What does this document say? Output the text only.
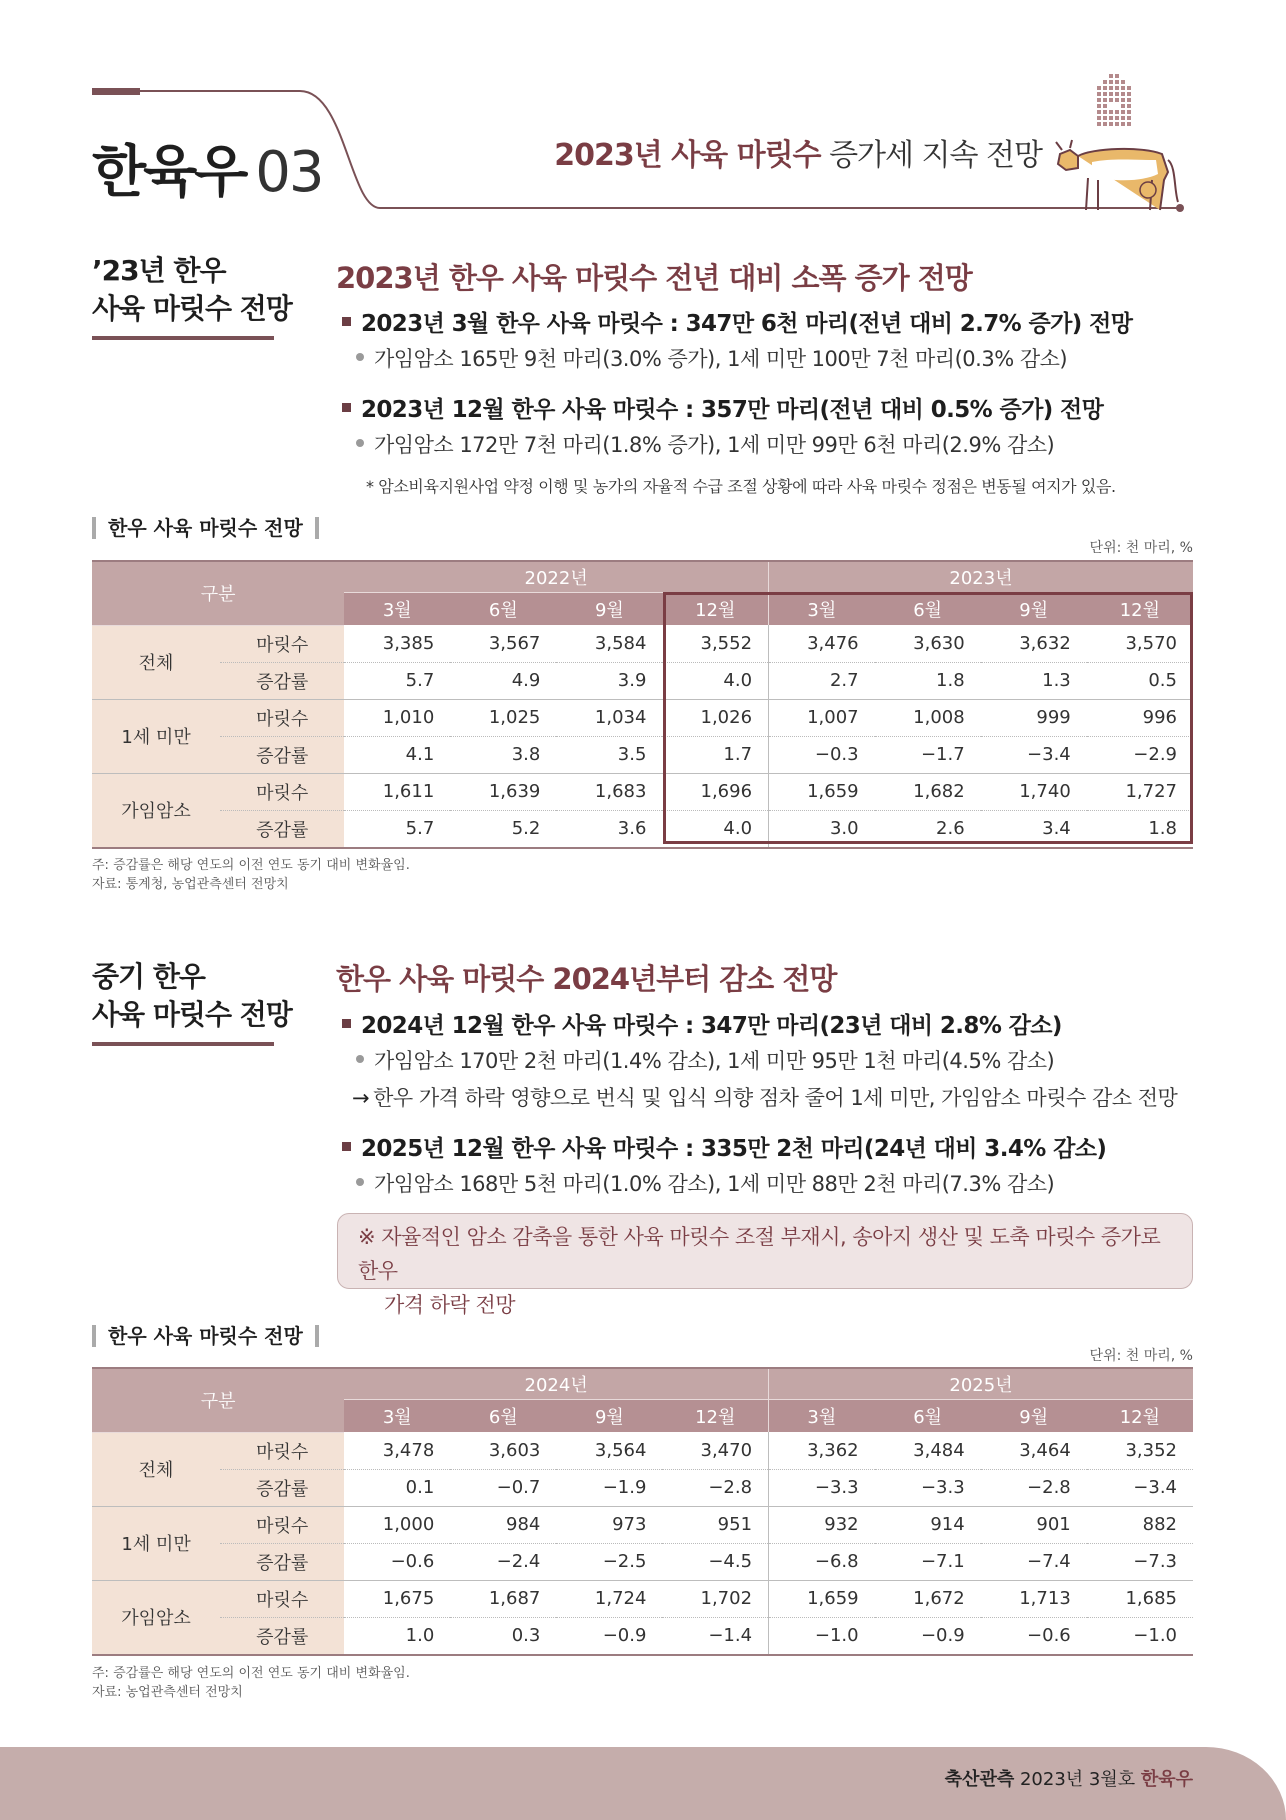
한육우 03	2023년 사육 마릿수 증가세 지속 전망
’23년 한우
사육 마릿수 전망
2023년 한우 사육 마릿수 전년 대비 소폭 증가 전망
2023년 3월 한우 사육 마릿수 : 347만 6천 마리(전년 대비 2.7% 증가) 전망
가임암소 165만 9천 마리(3.0% 증가), 1세 미만 100만 7천 마리(0.3% 감소)
2023년 12월 한우 사육 마릿수 : 357만 마리(전년 대비 0.5% 증가) 전망
가임암소 172만 7천 마리(1.8% 증가), 1세 미만 99만 6천 마리(2.9% 감소)
* 암소비육지원사업 약정 이행 및 농가의 자율적 수급 조절 상황에 따라 사육 마릿수 정점은 변동될 여지가 있음.
한우 사육 마릿수 전망
단위: 천 마리, %
구분		2022년				2023년			
		3월	6월	9월	12월	3월	6월	9월	12월
전체	마릿수	3,385	3,567	3,584	3,552	3,476	3,630	3,632	3,570
	증감률	5.7	4.9	3.9	4.0	2.7	1.8	1.3	0.5
1세 미만	마릿수	1,010	1,025	1,034	1,026	1,007	1,008	999	996
	증감률	4.1	3.8	3.5	1.7	−0.3	−1.7	−3.4	−2.9
가임암소	마릿수	1,611	1,639	1,683	1,696	1,659	1,682	1,740	1,727
	증감률	5.7	5.2	3.6	4.0	3.0	2.6	3.4	1.8
주: 증감률은 해당 연도의 이전 연도 동기 대비 변화율임.
자료: 통계청, 농업관측센터 전망치
중기 한우
사육 마릿수 전망
한우 사육 마릿수 2024년부터 감소 전망
2024년 12월 한우 사육 마릿수 : 347만 마리(23년 대비 2.8% 감소)
가임암소 170만 2천 마리(1.4% 감소), 1세 미만 95만 1천 마리(4.5% 감소)
→ 한우 가격 하락 영향으로 번식 및 입식 의향 점차 줄어 1세 미만, 가임암소 마릿수 감소 전망
2025년 12월 한우 사육 마릿수 : 335만 2천 마리(24년 대비 3.4% 감소)
가임암소 168만 5천 마리(1.0% 감소), 1세 미만 88만 2천 마리(7.3% 감소)
※ 자율적인 암소 감축을 통한 사육 마릿수 조절 부재시, 송아지 생산 및 도축 마릿수 증가로 한우
가격 하락 전망
한우 사육 마릿수 전망
단위: 천 마리, %
구분		2024년				2025년			
		3월	6월	9월	12월	3월	6월	9월	12월
전체	마릿수	3,478	3,603	3,564	3,470	3,362	3,484	3,464	3,352
	증감률	0.1	−0.7	−1.9	−2.8	−3.3	−3.3	−2.8	−3.4
1세 미만	마릿수	1,000	984	973	951	932	914	901	882
	증감률	−0.6	−2.4	−2.5	−4.5	−6.8	−7.1	−7.4	−7.3
가임암소	마릿수	1,675	1,687	1,724	1,702	1,659	1,672	1,713	1,685
	증감률	1.0	0.3	−0.9	−1.4	−1.0	−0.9	−0.6	−1.0
주: 증감률은 해당 연도의 이전 연도 동기 대비 변화율임.
자료: 농업관측센터 전망치
축산관측 2023년 3월호 한육우
